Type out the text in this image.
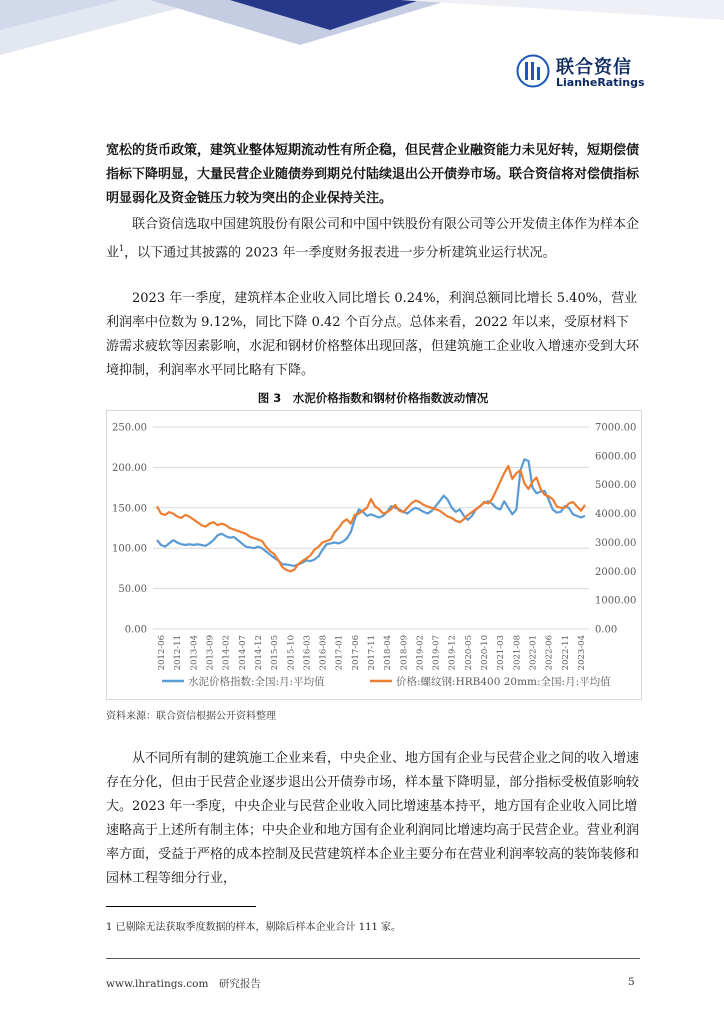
联合资信
LianheRatings

宽松的货币政策，建筑业整体短期流动性有所企稳，但民营企业融资能力未见好转，短期偿债指标下降明显，大量民营企业随债券到期兑付陆续退出公开债券市场。联合资信将对偿债指标明显弱化及资金链压力较为突出的企业保持关注。

联合资信选取中国建筑股份有限公司和中国中铁股份有限公司等公开发债主体作为样本企业$^1$，以下通过其披露的 2023 年一季度财务报表进一步分析建筑业运行状况。

2023 年一季度，建筑样本企业收入同比增长 0.24%，利润总额同比增长 5.40%，营业利润率中位数为 9.12%，同比下降 0.42 个百分点。总体来看，2022 年以来，受原材料下游需求疲软等因素影响，水泥和钢材价格整体出现回落，但建筑施工企业收入增速亦受到大环境抑制，利润率水平同比略有下降。

图 3　水泥价格指数和钢材价格指数波动情况
0.00
50.00
100.00
150.00
200.00
250.00
0.00
1000.00
2000.00
3000.00
4000.00
5000.00
6000.00
7000.00
2012-06 2012-11 2013-04 2013-09 2014-02 2014-07 2014-12 2015-05 2015-10 2016-03 2016-08 2017-01 2017-06 2017-11 2018-04 2018-09 2019-02 2019-07 2019-12 2020-05 2020-10 2021-03 2021-08 2022-01 2022-06 2022-11 2023-04
水泥价格指数:全国:月:平均值	价格:螺纹钢:HRB400 20mm:全国:月:平均值
资料来源：联合资信根据公开资料整理

从不同所有制的建筑施工企业来看，中央企业、地方国有企业与民营企业之间的收入增速存在分化，但由于民营企业逐步退出公开债券市场，样本量下降明显，部分指标受极值影响较大。2023 年一季度，中央企业与民营企业收入同比增速基本持平，地方国有企业收入同比增速略高于上述所有制主体；中央企业和地方国有企业利润同比增速均高于民营企业。营业利润率方面，受益于严格的成本控制及民营建筑样本企业主要分布在营业利润率较高的装饰装修和园林工程等细分行业，

1 已剔除无法获取季度数据的样本，剔除后样本企业合计 111 家。
www.lhratings.com　研究报告	5
